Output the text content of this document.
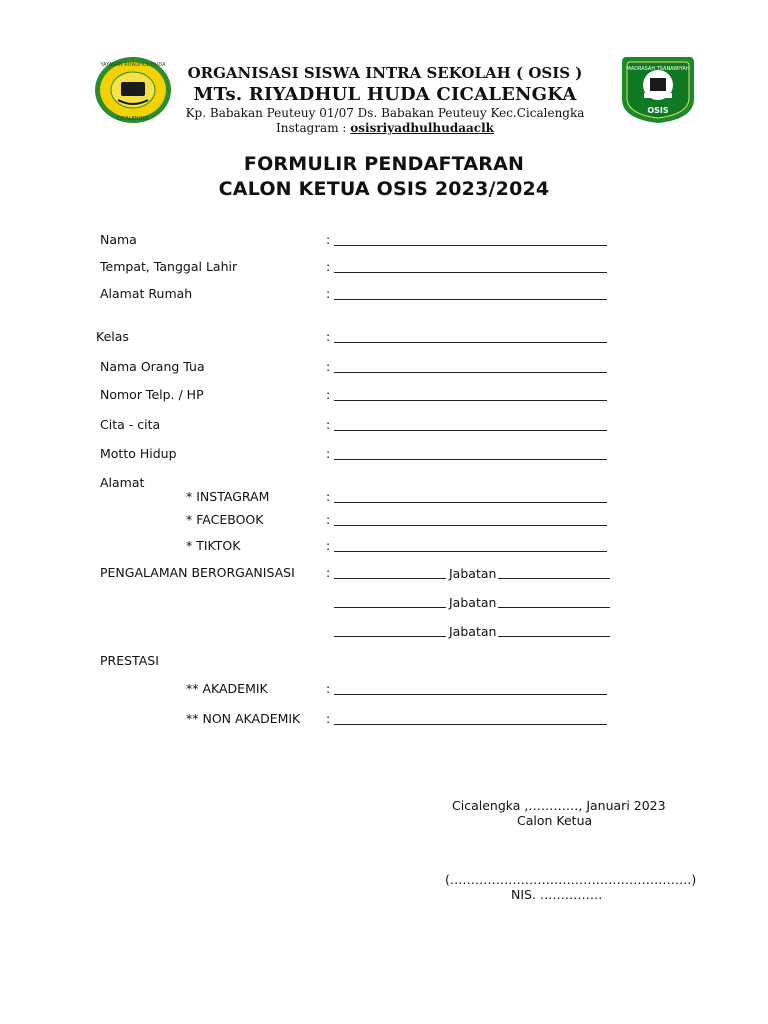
YAYASAN RIYADHUL HUDA
CICALENGKA
MADRASAH TSANAWIYAH
OSIS
ORGANISASI SISWA INTRA SEKOLAH ( OSIS )
MTs. RIYADHUL HUDA CICALENGKA
Kp. Babakan Peuteuy 01/07 Ds. Babakan Peuteuy Kec.Cicalengka
Instagram : osisriyadhulhudaaclk
FORMULIR PENDAFTARAN
CALON KETUA OSIS 2023/2024
Nama	:
Tempat, Tanggal Lahir	:
Alamat Rumah	:
Kelas	:
Nama Orang Tua	:
Nomor Telp. / HP	:
Cita - cita	:
Motto Hidup	:
Alamat
* INSTAGRAM	:
* FACEBOOK	:
* TIKTOK	:
PENGALAMAN BERORGANISASI :	Jabatan
Jabatan
Jabatan
PRESTASI
** AKADEMIK	:
** NON AKADEMIK :
Cicalengka ,…………, Januari 2023
Calon Ketua
(………………………………………………….)
NIS. ……………
